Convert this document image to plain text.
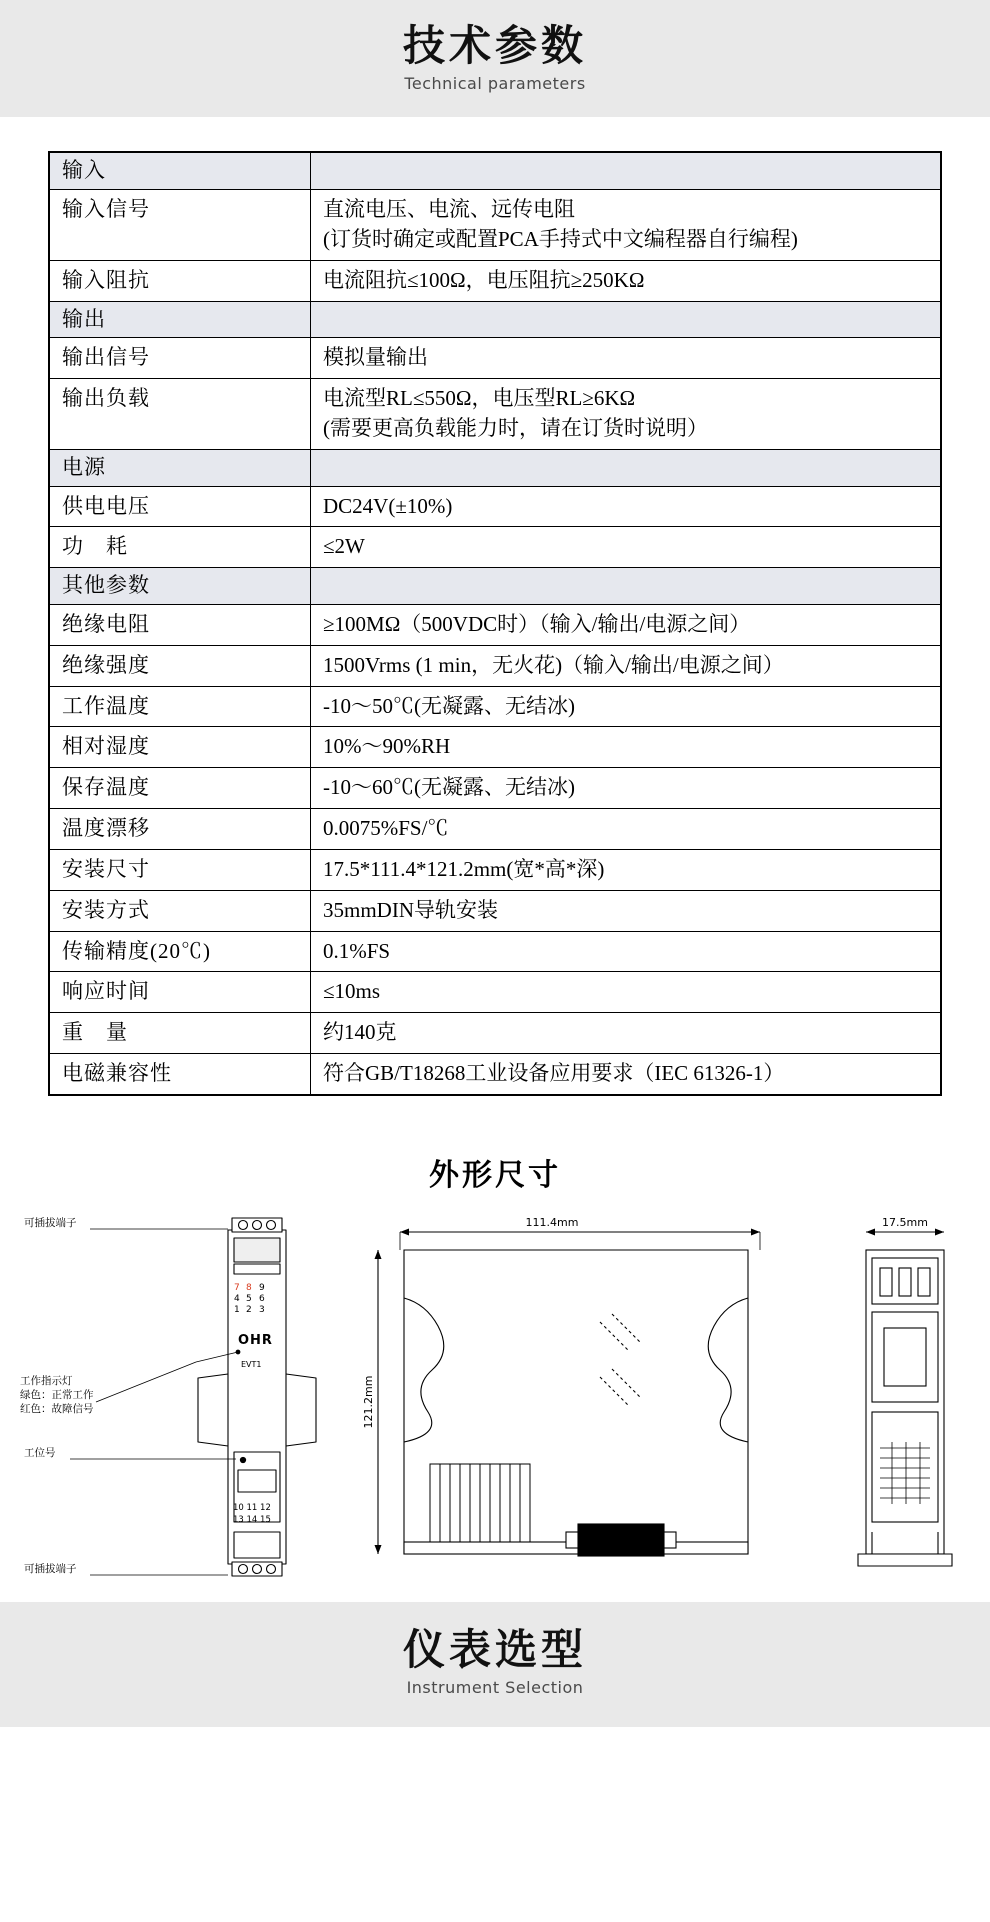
技术参数
Technical parameters
输入	
输入信号	直流电压、电流、远传电阻
(订货时确定或配置PCA手持式中文编程器自行编程)
输入阻抗	电流阻抗≤100Ω，电压阻抗≥250KΩ
输出	
输出信号	模拟量输出
输出负载	电流型RL≤550Ω，电压型RL≥6KΩ
(需要更高负载能力时，请在订货时说明）
电源	
供电电压	DC24V(±10%)
功　耗	≤2W
其他参数	
绝缘电阻	≥100MΩ（500VDC时）（输入/输出/电源之间）
绝缘强度	1500Vrms (1 min，无火花)（输入/输出/电源之间）
工作温度	-10～50℃(无凝露、无结冰)
相对湿度	10%～90%RH
保存温度	-10～60℃(无凝露、无结冰)
温度漂移	0.0075%FS/℃
安装尺寸	17.5*111.4*121.2mm(宽*高*深)
安装方式	35mmDIN导轨安装
传输精度(20℃)	0.1%FS
响应时间	≤10ms
重　量	约140克
电磁兼容性	符合GB/T18268工业设备应用要求（IEC 61326-1）
外形尺寸
7 8 9
4 5 6
1 2 3
OHR
EVT1
10 11 12
13 14 15
可插拔端子
可插拔端子
工作指示灯
绿色：正常工作
红色：故障信号
工位号
111.4mm
121.2mm
17.5mm
仪表选型
Instrument Selection
